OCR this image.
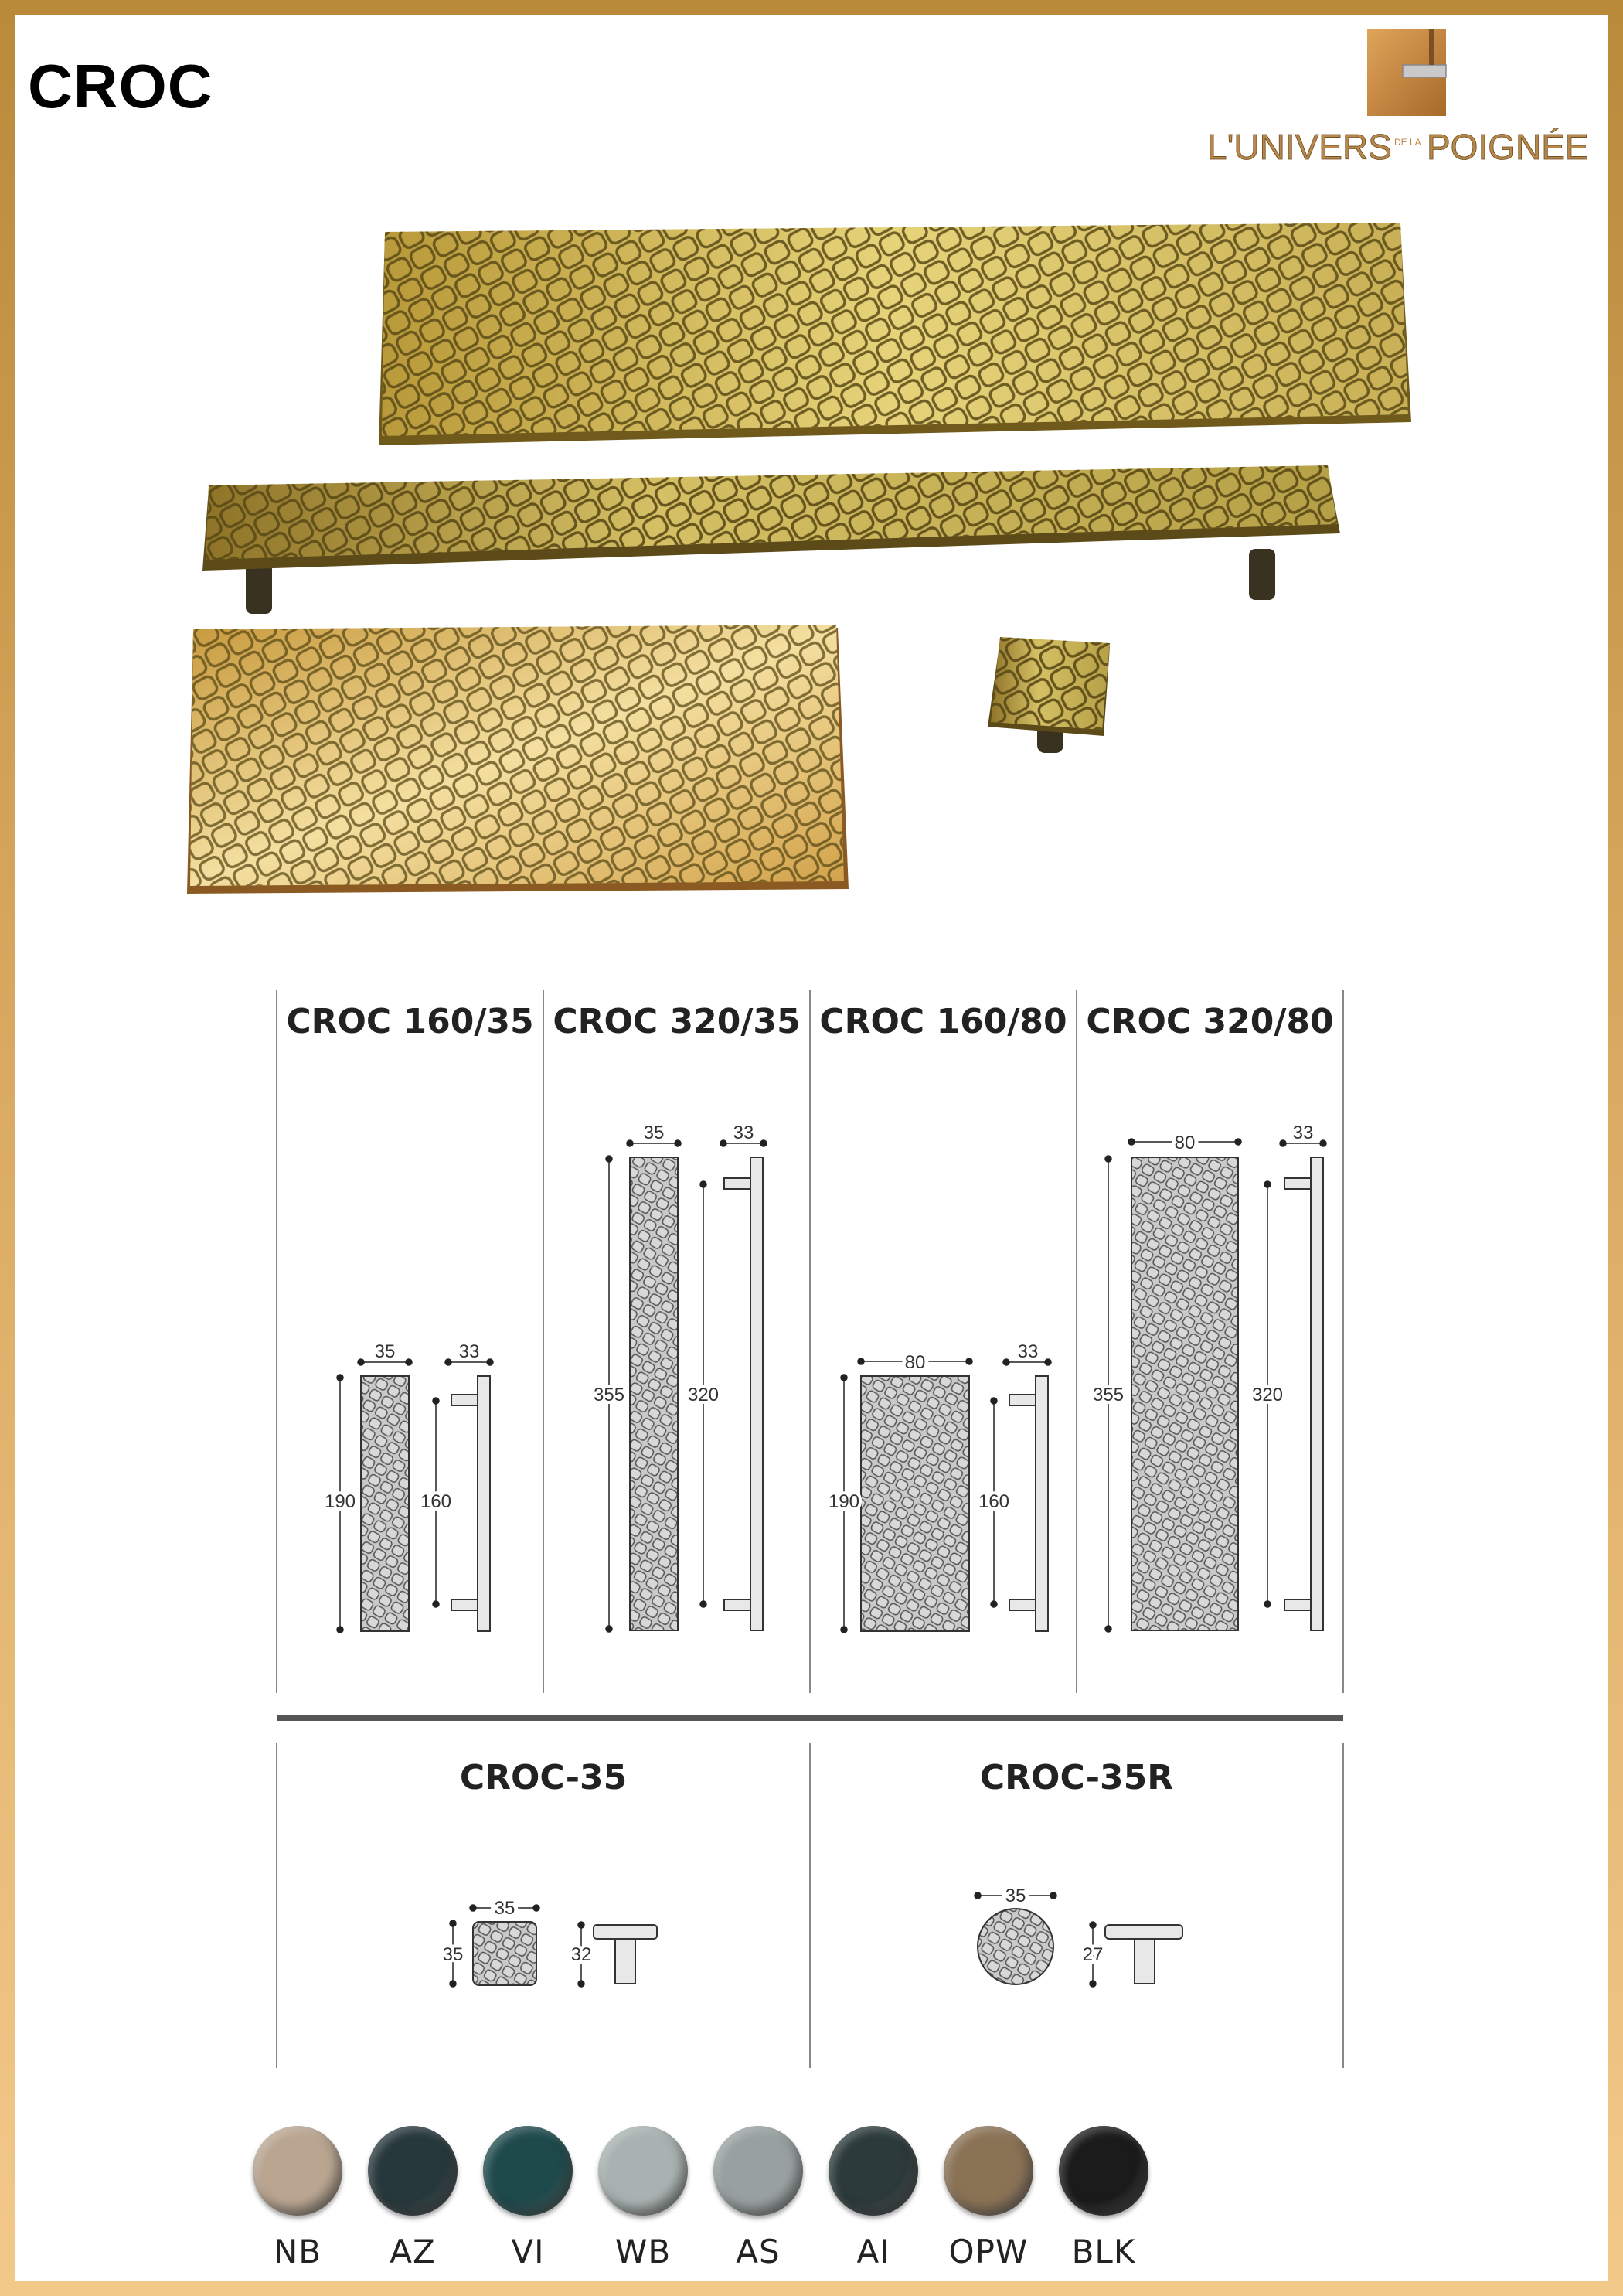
CROC
L'UNIVERS DE LA POIGNÉE
35
190
33
160
35
355
33
320
80
190
33
160
80
355
33
320
35
35	32
35
27
CROC 160/35 CROC 320/35 CROC 160/80 CROC 320/80
CROC-35	CROC-35R
NB	AZ	VI	WB	AS	AI	OPW	BLK
